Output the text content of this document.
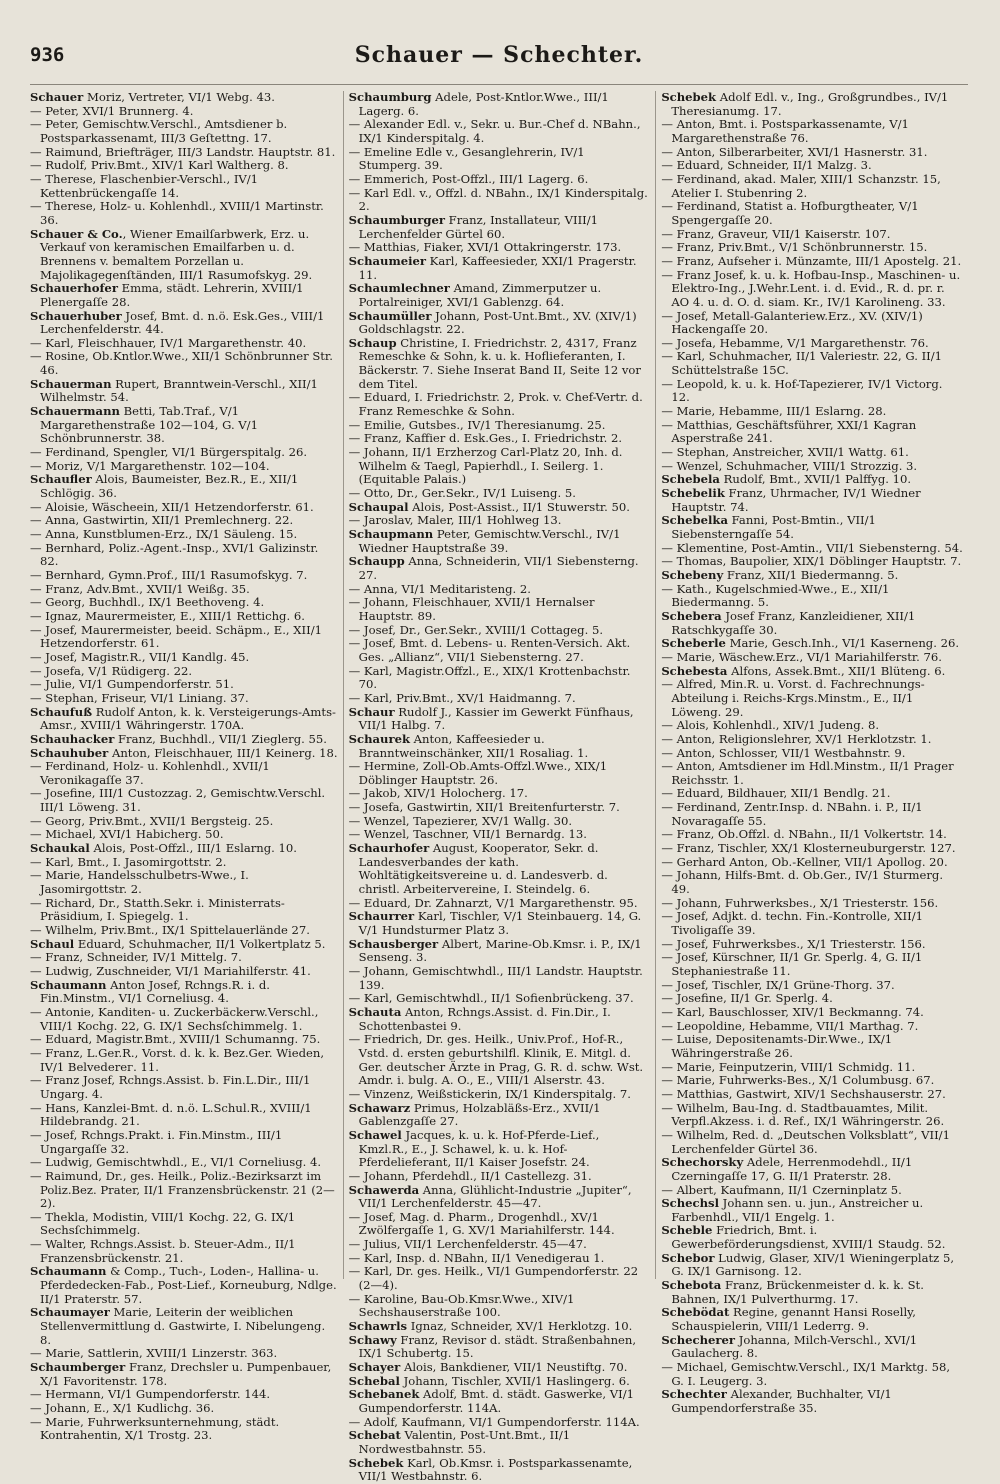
936	Schauer — Schechter.
Schauer Moriz, Vertreter, VI/1 Webg. 43.
— Peter, XVI/1 Brunnerg. 4.
— Peter, Gemischtw.Verschl., Amtsdiener b. Postsparkassenamt, III/3 Geſtettng. 17.
— Raimund, Briefträger, III/3 Landstr. Hauptstr. 81.
— Rudolf, Priv.Bmt., XIV/1 Karl Waltherg. 8.
— Therese, Flaschenbier-Verschl., IV/1 Kettenbrückengaſſe 14.
— Therese, Holz- u. Kohlenhdl., XVIII/1 Martinstr. 36.
Schauer & Co., Wiener Emailſarbwerk, Erz. u. Verkauf von keramischen Emailfarben u. d. Brennens v. bemaltem Porzellan u. Majolikagegenſtänden, III/1 Rasumofskyg. 29.
Schauerhofer Emma, städt. Lehrerin, XVIII/1 Plenergaſſe 28.
Schauerhuber Josef, Bmt. d. n.ö. Esk.Ges., VIII/1 Lerchenfelderstr. 44.
— Karl, Fleischhauer, IV/1 Margarethenstr. 40.
— Rosine, Ob.Kntlor.Wwe., XII/1 Schönbrunner Str. 46.
Schauerman Rupert, Branntwein-Verschl., XII/1 Wilhelmstr. 54.
Schauermann Betti, Tab.Traf., V/1 Margarethenstraße 102—104, G. V/1 Schönbrunnerstr. 38.
— Ferdinand, Spengler, VI/1 Bürgerspitalg. 26.
— Moriz, V/1 Margarethenstr. 102—104.
Schaufler Alois, Baumeister, Bez.R., E., XII/1 Schlögig. 36.
— Aloisie, Wäscheein, XII/1 Hetzendorferstr. 61.
— Anna, Gastwirtin, XII/1 Premlechnerg. 22.
— Anna, Kunstblumen-Erz., IX/1 Säuleng. 15.
— Bernhard, Poliz.-Agent.-Insp., XVI/1 Galizinstr. 82.
— Bernhard, Gymn.Prof., III/1 Rasumofskyg. 7.
— Franz, Adv.Bmt., XVII/1 Weißg. 35.
— Georg, Buchhdl., IX/1 Beethoveng. 4.
— Ignaz, Maurermeister, E., XIII/1 Rettichg. 6.
— Josef, Maurermeister, beeid. Schäpm., E., XII/1 Hetzendorferstr. 61.
— Josef, Magistr.R., VII/1 Kandlg. 45.
— Josefa, V/1 Rüdigerg. 22.
— Julie, VI/1 Gumpendorferstr. 51.
— Stephan, Friseur, VI/1 Liniang. 37.
Schaufuß Rudolf Anton, k. k. Versteigerungs-Amts-Amsr., XVIII/1 Währingerstr. 170A.
Schauhacker Franz, Buchhdl., VII/1 Zieglerg. 55.
Schauhuber Anton, Fleischhauer, III/1 Keinerg. 18.
— Ferdinand, Holz- u. Kohlenhdl., XVII/1 Veronikagaſſe 37.
— Josefine, III/1 Custozzag. 2, Gemischtw.Verschl. III/1 Löweng. 31.
— Georg, Priv.Bmt., XVII/1 Bergsteig. 25.
— Michael, XVI/1 Habicherg. 50.
Schaukal Alois, Post-Offzl., III/1 Eslarng. 10.
— Karl, Bmt., I. Jasomirgottstr. 2.
— Marie, Handelsschulbetrs-Wwe., I. Jasomirgottstr. 2.
— Richard, Dr., Statth.Sekr. i. Ministerrats-Präsidium, I. Spiegelg. 1.
— Wilhelm, Priv.Bmt., IX/1 Spittelauerlände 27.
Schaul Eduard, Schuhmacher, II/1 Volkertplatz 5.
— Franz, Schneider, IV/1 Mittelg. 7.
— Ludwig, Zuschneider, VI/1 Mariahilferstr. 41.
Schaumann Anton Josef, Rchngs.R. i. d. Fin.Minstm., VI/1 Corneliusg. 4.
— Antonie, Kanditen- u. Zuckerbäckerw.Verschl., VIII/1 Kochg. 22, G. IX/1 Sechsſchimmelg. 1.
— Eduard, Magistr.Bmt., XVIII/1 Schumanng. 75.
— Franz, L.Ger.R., Vorst. d. k. k. Bez.Ger. Wieden, IV/1 Belvederег. 11.
— Franz Josef, Rchngs.Assist. b. Fin.L.Dir., III/1 Ungarg. 4.
— Hans, Kanzlei-Bmt. d. n.ö. L.Schul.R., XVIII/1 Hildebrandg. 21.
— Josef, Rchngs.Prakt. i. Fin.Minstm., III/1 Ungargaſſe 32.
— Ludwig, Gemischtwhdl., E., VI/1 Corneliusg. 4.
— Raimund, Dr., ges. Heilk., Poliz.-Bezirksarzt im Poliz.Bez. Prater, II/1 Franzensbrückenstr. 21 (2—2).
— Thekla, Modistin, VIII/1 Kochg. 22, G. IX/1 Sechsſchimmelg.
— Walter, Rchngs.Assist. b. Steuer-Adm., II/1 Franzensbrückenstr. 21.
Schaumann & Comp., Tuch-, Loden-, Hallina- u. Pferdedecken-Fab., Post-Lief., Korneuburg, Ndlge. II/1 Praterstr. 57.
Schaumayer Marie, Leiterin der weiblichen Stellenvermittlung d. Gastwirte, I. Nibelungeng. 8.
— Marie, Sattlerin, XVIII/1 Linzerstr. 363.
Schaumberger Franz, Drechsler u. Pumpenbauer, X/1 Favoritenstr. 178.
— Hermann, VI/1 Gumpendorferstr. 144.
— Johann, E., X/1 Kudlichg. 36.
— Marie, Fuhrwerksunternehmung, städt. Kontrahentin, X/1 Trostg. 23.
Schaumburg Adele, Post-Kntlor.Wwe., III/1 Lagerg. 6.
— Alexander Edl. v., Sekr. u. Bur.-Chef d. NBahn., IX/1 Kinderspitalg. 4.
— Emeline Edle v., Gesanglehrerin, IV/1 Stumperg. 39.
— Emmerich, Post-Offzl., III/1 Lagerg. 6.
— Karl Edl. v., Offzl. d. NBahn., IX/1 Kinderspitalg. 2.
Schaumburger Franz, Installateur, VIII/1 Lerchenfelder Gürtel 60.
— Matthias, Fiaker, XVI/1 Ottakringerstr. 173.
Schaumeier Karl, Kaffeesieder, XXI/1 Pragerstr. 11.
Schaumlechner Amand, Zimmerputzer u. Portalreiniger, XVI/1 Gablenzg. 64.
Schaumüller Johann, Post-Unt.Bmt., XV. (XIV/1) Goldschlagstr. 22.
Schaup Christine, I. Friedrichstr. 2, 4317, Franz Remeschke & Sohn, k. u. k. Hoflieferanten, I. Bäckerstr. 7. Siehe Inserat Band II, Seite 12 vor dem Titel.
— Eduard, I. Friedrichstr. 2, Prok. v. Chef-Vertr. d. Franz Remeschke & Sohn.
— Emilie, Gutsbes., IV/1 Theresianumg. 25.
— Franz, Kaffier d. Esk.Ges., I. Friedrichstr. 2.
— Johann, II/1 Erzherzog Carl-Platz 20, Inh. d. Wilhelm & Taegl, Papierhdl., I. Seilerg. 1. (Equitable Palais.)
— Otto, Dr., Ger.Sekr., IV/1 Luiseng. 5.
Schaupal Alois, Post-Assist., II/1 Stuwerstr. 50.
— Jaroslav, Maler, III/1 Hohlweg 13.
Schaupmann Peter, Gemischtw.Verschl., IV/1 Wiedner Hauptstraße 39.
Schaupp Anna, Schneiderin, VII/1 Siebensterng. 27.
— Anna, VI/1 Meditaristeng. 2.
— Johann, Fleischhauer, XVII/1 Hernalser Hauptstr. 89.
— Josef, Dr., Ger.Sekr., XVIII/1 Cottageg. 5.
— Josef, Bmt. d. Lebens- u. Renten-Versich. Akt. Ges. „Allianz“, VII/1 Siebensterng. 27.
— Karl, Magistr.Offzl., E., XIX/1 Krottenbachstr. 70.
— Karl, Priv.Bmt., XV/1 Haidmanng. 7.
Schaur Rudolf J., Kassier im Gewerkt Fünfhaus, VII/1 Halbg. 7.
Schaurek Anton, Kaffeesieder u. Branntweinschänker, XII/1 Rosaliag. 1.
— Hermine, Zoll-Ob.Amts-Offzl.Wwe., XIX/1 Döblinger Hauptstr. 26.
— Jakob, XIV/1 Holocherg. 17.
— Josefa, Gastwirtin, XII/1 Breitenfurterstr. 7.
— Wenzel, Tapezierer, XV/1 Wallg. 30.
— Wenzel, Taschner, VII/1 Bernardg. 13.
Schaurhofer August, Kooperator, Sekr. d. Landesverbandes der kath. Wohltätigkeitsvereine u. d. Landesverb. d. christl. Arbeitervereine, I. Steindelg. 6.
— Eduard, Dr. Zahnarzt, V/1 Margarethenstr. 95.
Schaurrer Karl, Tischler, V/1 Steinbauerg. 14, G. V/1 Hundsturmer Platz 3.
Schausberger Albert, Marine-Ob.Kmsr. i. P., IX/1 Senseng. 3.
— Johann, Gemischtwhdl., III/1 Landstr. Hauptstr. 139.
— Karl, Gemischtwhdl., II/1 Sofienbrückeng. 37.
Schauta Anton, Rchngs.Assist. d. Fin.Dir., I. Schottenbastei 9.
— Friedrich, Dr. ges. Heilk., Univ.Prof., Hof-R., Vstd. d. ersten geburtshilfl. Klinik, E. Mitgl. d. Ger. deutscher Ärzte in Prag, G. R. d. schw. Wst. Amdr. i. bulg. A. O., E., VIII/1 Alserstr. 43.
— Vinzenz, Weißstickerin, IX/1 Kinderspitalg. 7.
Schawarz Primus, Holzabläßs-Erz., XVII/1 Gablenzgaſſe 27.
Schawel Jacques, k. u. k. Hof-Pferde-Lief., Kmzl.R., E., J. Schawel, k. u. k. Hof-Pferdelieferant, II/1 Kaiser Josefstr. 24.
— Johann, Pferdehdl., II/1 Castellezg. 31.
Schawerda Anna, Glühlicht-Industrie „Jupiter“, VII/1 Lerchenfelderstr. 45—47.
— Josef, Mag. d. Pharm., Drogenhdl., XV/1 Zwölfergaſſe 1, G. XV/1 Mariahilferstr. 144.
— Julius, VII/1 Lerchenfelderstr. 45—47.
— Karl, Insp. d. NBahn, II/1 Venedigerau 1.
— Karl, Dr. ges. Heilk., VI/1 Gumpendorferstr. 22 (2—4).
— Karoline, Bau-Ob.Kmsr.Wwe., XIV/1 Sechshauserstraße 100.
Schawrls Ignaz, Schneider, XV/1 Herklotzg. 10.
Schawy Franz, Revisor d. städt. Straßenbahnen, IX/1 Schubertg. 15.
Schayer Alois, Bankdiener, VII/1 Neustiftg. 70.
Schebal Johann, Tischler, XVII/1 Haslingerg. 6.
Schebanek Adolf, Bmt. d. städt. Gaswerke, VI/1 Gumpendorferstr. 114A.
— Adolf, Kaufmann, VI/1 Gumpendorferstr. 114A.
Schebat Valentin, Post-Unt.Bmt., II/1 Nordwestbahnstr. 55.
Schebek Karl, Ob.Kmsr. i. Postsparkassenamte, VII/1 Westbahnstr. 6.
Schebek Adolf Edl. v., Ing., Großgrundbes., IV/1 Theresianumg. 17.
— Anton, Bmt. i. Postsparkassenamte, V/1 Margarethenstraße 76.
— Anton, Silberarbeiter, XVI/1 Hasnerstr. 31.
— Eduard, Schneider, II/1 Malzg. 3.
— Ferdinand, akad. Maler, XIII/1 Schanzstr. 15, Atelier I. Stubenring 2.
— Ferdinand, Statist a. Hofburgtheater, V/1 Spengergaſſe 20.
— Franz, Graveur, VII/1 Kaiserstr. 107.
— Franz, Priv.Bmt., V/1 Schönbrunnerstr. 15.
— Franz, Aufseher i. Münzamte, III/1 Apostelg. 21.
— Franz Josef, k. u. k. Hofbau-Insp., Maschinen- u. Elektro-Ing., J.Wehr.Lent. i. d. Evid., R. d. pr. r. AO 4. u. d. O. d. siam. Kr., IV/1 Karolineng. 33.
— Josef, Metall-Galanteriew.Erz., XV. (XIV/1) Hackengaſſe 20.
— Josefa, Hebamme, V/1 Margarethenstr. 76.
— Karl, Schuhmacher, II/1 Valeriestr. 22, G. II/1 Schüttelstraße 15C.
— Leopold, k. u. k. Hof-Tapezierer, IV/1 Victorg. 12.
— Marie, Hebamme, III/1 Eslarng. 28.
— Matthias, Geschäftsführer, XXI/1 Kagran Asperstraße 241.
— Stephan, Anstreicher, XVII/1 Wattg. 61.
— Wenzel, Schuhmacher, VIII/1 Strozzig. 3.
Schebela Rudolf, Bmt., XVII/1 Palffyg. 10.
Schebelik Franz, Uhrmacher, IV/1 Wiedner Hauptstr. 74.
Schebelka Fanni, Post-Bmtin., VII/1 Siebensterngaſſe 54.
— Klementine, Post-Amtin., VII/1 Siebensterng. 54.
— Thomas, Baupolier, XIX/1 Döblinger Hauptstr. 7.
Schebeny Franz, XII/1 Biedermanng. 5.
— Kath., Kugelschmied-Wwe., E., XII/1 Biedermanng. 5.
Schebera Josef Franz, Kanzleidiener, XII/1 Ratschkygaſſe 30.
Scheberle Marie, Gesch.Inh., VI/1 Kaserneng. 26.
— Marie, Wäschew.Erz., VI/1 Mariahilferstr. 76.
Schebesta Alfons, Assek.Bmt., XII/1 Blüteng. 6.
— Alfred, Min.R. u. Vorst. d. Fachrechnungs-Abteilung i. Reichs-Krgs.Minstm., E., II/1 Löweng. 29.
— Alois, Kohlenhdl., XIV/1 Judeng. 8.
— Anton, Religionslehrer, XV/1 Herklotzstr. 1.
— Anton, Schlosser, VII/1 Westbahnstr. 9.
— Anton, Amtsdiener im Hdl.Minstm., II/1 Prager Reichsstr. 1.
— Eduard, Bildhauer, XII/1 Bendlg. 21.
— Ferdinand, Zentr.Insp. d. NBahn. i. P., II/1 Novaragaſſe 55.
— Franz, Ob.Offzl. d. NBahn., II/1 Volkertstr. 14.
— Franz, Tischler, XX/1 Klosterneuburgerstr. 127.
— Gerhard Anton, Ob.-Kellner, VII/1 Apollog. 20.
— Johann, Hilfs-Bmt. d. Ob.Ger., IV/1 Sturmerg. 49.
— Johann, Fuhrwerksbes., X/1 Triesterstr. 156.
— Josef, Adjkt. d. techn. Fin.-Kontrolle, XII/1 Tivoligaſſe 39.
— Josef, Fuhrwerksbes., X/1 Triesterstr. 156.
— Josef, Kürschner, II/1 Gr. Sperlg. 4, G. II/1 Stephaniestraße 11.
— Josef, Tischler, IX/1 Grüne-Thorg. 37.
— Josefine, II/1 Gr. Sperlg. 4.
— Karl, Bauschlosser, XIV/1 Beckmanng. 74.
— Leopoldine, Hebamme, VII/1 Marthag. 7.
— Luise, Depositenamts-Dir.Wwe., IX/1 Währingerstraße 26.
— Marie, Feinputzerin, VIII/1 Schmidg. 11.
— Marie, Fuhrwerks-Bes., X/1 Columbusg. 67.
— Matthias, Gastwirt, XIV/1 Sechshauserstr. 27.
— Wilhelm, Bau-Ing. d. Stadtbauamtes, Milit. Verpfl.Akzess. i. d. Ref., IX/1 Währingerstr. 26.
— Wilhelm, Red. d. „Deutschen Volksblatt“, VII/1 Lerchenfelder Gürtel 36.
Schechorsky Adele, Herrenmodehdl., II/1 Czerningaſſe 17, G. II/1 Praterstr. 28.
— Albert, Kaufmann, II/1 Czerninplatz 5.
Schechsl Johann sen. u. jun., Anstreicher u. Farbenhdl., VII/1 Engelg. 1.
Scheble Friedrich, Bmt. i. Gewerbeförderungsdienst, XVIII/1 Staudg. 52.
Schebor Ludwig, Glaser, XIV/1 Wieningerplatz 5, G. IX/1 Garnisong. 12.
Schebota Franz, Brückenmeister d. k. k. St. Bahnen, IX/1 Pulverthurmg. 17.
Schebödat Regine, genannt Hansi Roselly, Schauspielerin, VIII/1 Lederrg. 9.
Schecherer Johanna, Milch-Verschl., XVI/1 Gaulacherg. 8.
— Michael, Gemischtw.Verschl., IX/1 Marktg. 58, G. I. Leugerg. 3.
Schechter Alexander, Buchhalter, VI/1 Gumpendorferstraße 35.
